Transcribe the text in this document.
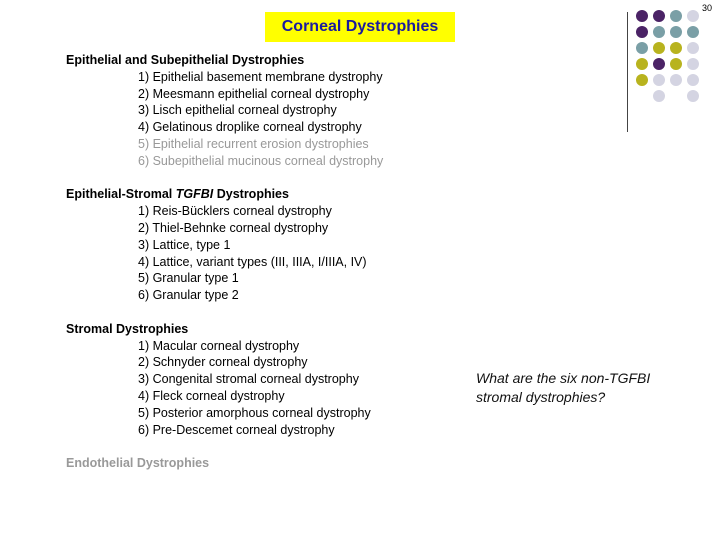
30
Corneal Dystrophies
Epithelial and Subepithelial Dystrophies
1) Epithelial basement membrane dystrophy
2) Meesmann epithelial corneal dystrophy
3) Lisch epithelial corneal dystrophy
4) Gelatinous droplike corneal dystrophy
5) Epithelial recurrent erosion dystrophies
6) Subepithelial mucinous corneal dystrophy
Epithelial-Stromal TGFBI Dystrophies
1) Reis-Bücklers corneal dystrophy
2) Thiel-Behnke corneal dystrophy
3) Lattice, type 1
4) Lattice, variant types (III, IIIA, I/IIIA, IV)
5) Granular type 1
6) Granular type 2
Stromal Dystrophies
1) Macular corneal dystrophy
2) Schnyder corneal dystrophy
3) Congenital stromal corneal dystrophy
4) Fleck corneal dystrophy
5) Posterior amorphous corneal dystrophy
6) Pre-Descemet corneal dystrophy
Endothelial Dystrophies
What are the six non-TGFBI
stromal dystrophies?
